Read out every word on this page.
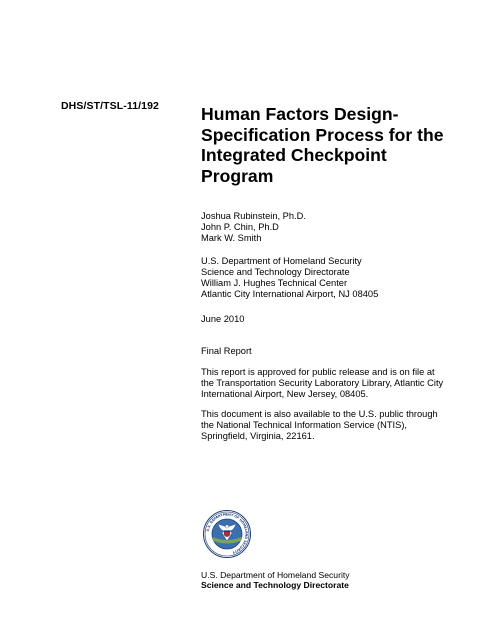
DHS/ST/TSL-11/192 Human Factors Design-
Specification Process for the
Integrated Checkpoint
Program
Joshua Rubinstein, Ph.D.
John P. Chin, Ph.D
Mark W. Smith
U.S. Department of Homeland Security
Science and Technology Directorate
William J. Hughes Technical Center
Atlantic City International Airport, NJ 08405
June 2010
Final Report
This report is approved for public release and is on file at
the Transportation Security Laboratory Library, Atlantic City
International Airport, New Jersey, 08405.
This document is also available to the U.S. public through
the National Technical Information Service (NTIS),
Springfield, Virginia, 22161.
U.S. DEPARTMENT OF HOMELAND SECURITY
U.S. Department of Homeland Security
Science and Technology Directorate
